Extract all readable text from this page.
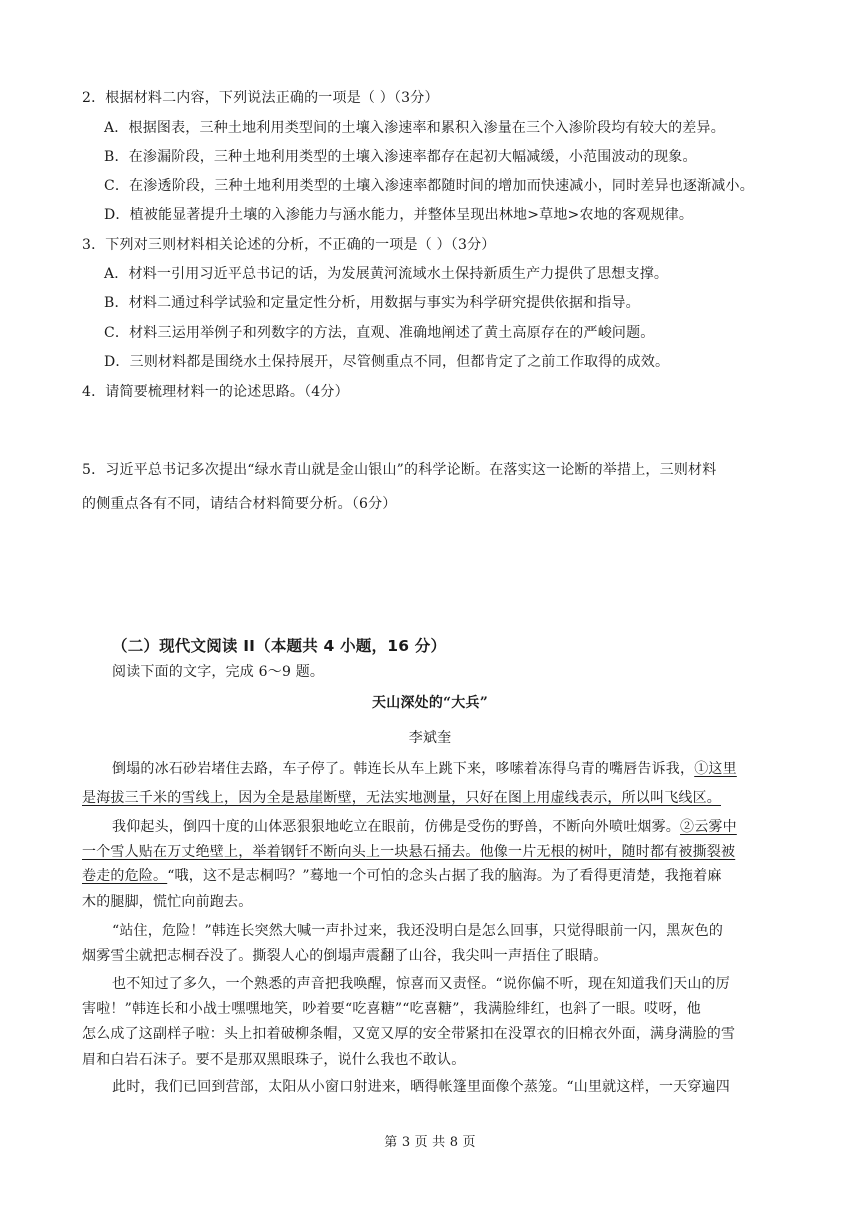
2．根据材料二内容，下列说法正确的一项是（ ）（3分）
A．根据图表，三种土地利用类型间的土壤入渗速率和累积入渗量在三个入渗阶段均有较大的差异。
B．在渗漏阶段，三种土地利用类型的土壤入渗速率都存在起初大幅减缓，小范围波动的现象。
C．在渗透阶段，三种土地利用类型的土壤入渗速率都随时间的增加而快速减小，同时差异也逐渐减小。
D．植被能显著提升土壤的入渗能力与涵水能力，并整体呈现出林地>草地>农地的客观规律。
3．下列对三则材料相关论述的分析，不正确的一项是（ ）（3分）
A．材料一引用习近平总书记的话，为发展黄河流域水土保持新质生产力提供了思想支撑。
B．材料二通过科学试验和定量定性分析，用数据与事实为科学研究提供依据和指导。
C．材料三运用举例子和列数字的方法，直观、准确地阐述了黄土高原存在的严峻问题。
D．三则材料都是围绕水土保持展开，尽管侧重点不同，但都肯定了之前工作取得的成效。
4．请简要梳理材料一的论述思路。（4分）
5．习近平总书记多次提出“绿水青山就是金山银山”的科学论断。在落实这一论断的举措上，三则材料
的侧重点各有不同，请结合材料简要分析。（6分）
（二）现代文阅读 II（本题共 4 小题，16 分）
阅读下面的文字，完成 6～9 题。
天山深处的“大兵”
李斌奎
倒塌的冰石砂岩堵住去路，车子停了。韩连长从车上跳下来，哆嗦着冻得乌青的嘴唇告诉我，①这里
是海拔三千米的雪线上，因为全是悬崖断壁，无法实地测量，只好在图上用虚线表示，所以叫飞线区。
我仰起头，倒四十度的山体恶狠狠地屹立在眼前，仿佛是受伤的野兽，不断向外喷吐烟雾。②云雾中
一个雪人贴在万丈绝壁上，举着钢钎不断向头上一块悬石捅去。他像一片无根的树叶，随时都有被撕裂被
卷走的危险。“哦，这不是志桐吗？”蓦地一个可怕的念头占据了我的脑海。为了看得更清楚，我拖着麻
木的腿脚，慌忙向前跑去。
“站住，危险！”韩连长突然大喊一声扑过来，我还没明白是怎么回事，只觉得眼前一闪，黑灰色的
烟雾雪尘就把志桐吞没了。撕裂人心的倒塌声震翻了山谷，我尖叫一声捂住了眼睛。
也不知过了多久，一个熟悉的声音把我唤醒，惊喜而又责怪。“说你偏不听，现在知道我们天山的厉
害啦！”韩连长和小战士嘿嘿地笑，吵着要“吃喜糖”“吃喜糖”，我满脸绯红，也斜了一眼。哎呀，他
怎么成了这副样子啦：头上扣着破柳条帽，又宽又厚的安全带紧扣在没罩衣的旧棉衣外面，满身满脸的雪
眉和白岩石沫子。要不是那双黑眼珠子，说什么我也不敢认。
此时，我们已回到营部，太阳从小窗口射进来，晒得帐篷里面像个蒸笼。“山里就这样，一天穿遍四
第 3 页 共 8 页
